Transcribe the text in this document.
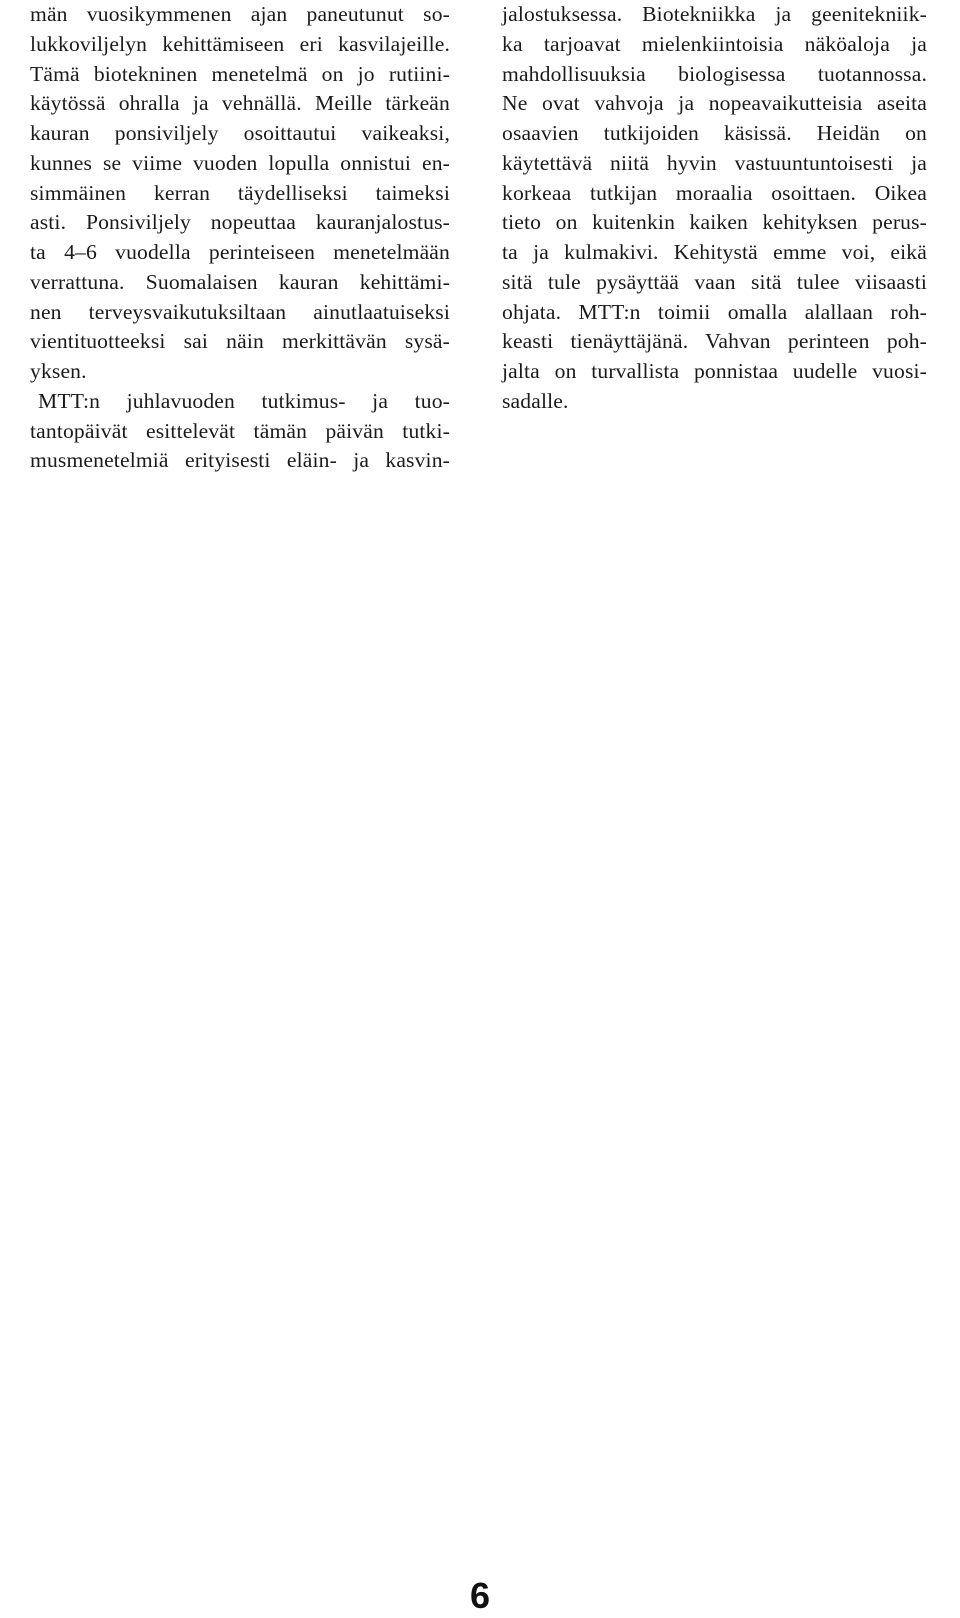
män vuosikymmenen ajan paneutunut so-
lukkoviljelyn kehittämiseen eri kasvilajeille.
Tämä biotekninen menetelmä on jo rutiini-
käytössä ohralla ja vehnällä. Meille tärkeän
kauran ponsiviljely osoittautui vaikeaksi,
kunnes se viime vuoden lopulla onnistui en-
simmäinen kerran täydelliseksi taimeksi
asti. Ponsiviljely nopeuttaa kauranjalostus-
ta 4–6 vuodella perinteiseen menetelmään
verrattuna. Suomalaisen kauran kehittämi-
nen terveysvaikutuksiltaan ainutlaatuiseksi
vientituotteeksi sai näin merkittävän sysä-
yksen.
MTT:n juhlavuoden tutkimus- ja tuo-
tantopäivät esittelevät tämän päivän tutki-
musmenetelmiä erityisesti eläin- ja kasvin-
jalostuksessa. Biotekniikka ja geenitekniik-
ka tarjoavat mielenkiintoisia näköaloja ja
mahdollisuuksia biologisessa tuotannossa.
Ne ovat vahvoja ja nopeavaikutteisia aseita
osaavien tutkijoiden käsissä. Heidän on
käytettävä niitä hyvin vastuuntuntoisesti ja
korkeaa tutkijan moraalia osoittaen. Oikea
tieto on kuitenkin kaiken kehityksen perus-
ta ja kulmakivi. Kehitystä emme voi, eikä
sitä tule pysäyttää vaan sitä tulee viisaasti
ohjata. MTT:n toimii omalla alallaan roh-
keasti tienäyttäjänä. Vahvan perinteen poh-
jalta on turvallista ponnistaa uudelle vuosi-
sadalle.
6
